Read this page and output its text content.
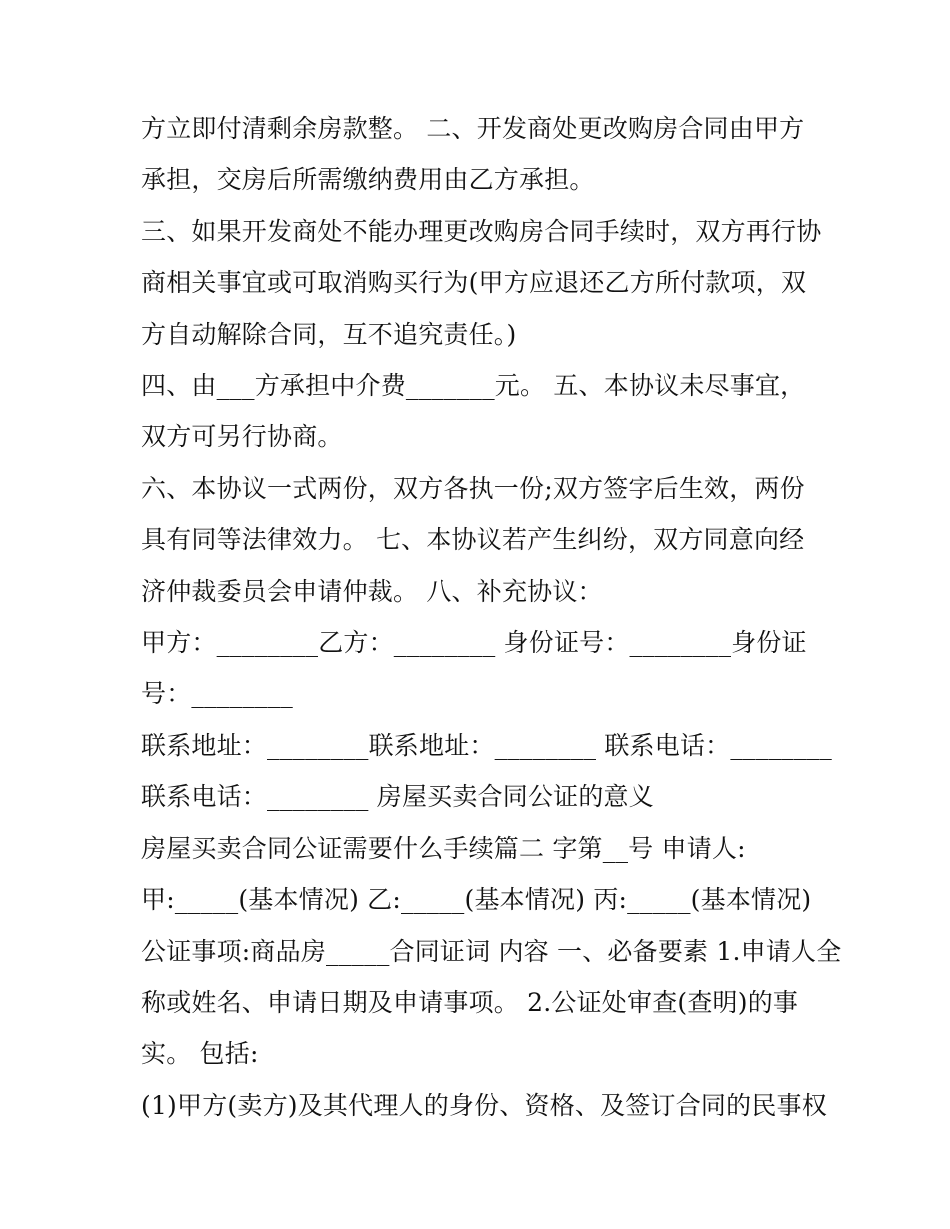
方立即付清剩余房款整。 二、开发商处更改购房合同由甲方
承担，交房后所需缴纳费用由乙方承担。
三、如果开发商处不能办理更改购房合同手续时，双方再行协
商相关事宜或可取消购买行为(甲方应退还乙方所付款项，双
方自动解除合同，互不追究责任。)
四、由___方承担中介费_______元。 五、本协议未尽事宜，
双方可另行协商。
六、本协议一式两份，双方各执一份;双方签字后生效，两份
具有同等法律效力。 七、本协议若产生纠纷，双方同意向经
济仲裁委员会申请仲裁。 八、补充协议：
甲方：________乙方：________ 身份证号：________身份证
号：________
联系地址：________联系地址：________ 联系电话：________
联系电话：________ 房屋买卖合同公证的意义
房屋买卖合同公证需要什么手续篇二 字第__号 申请人:
甲:_____(基本情况) 乙:_____(基本情况) 丙:_____(基本情况)
公证事项:商品房_____合同证词 内容 一、必备要素 1.申请人全
称或姓名、申请日期及申请事项。 2.公证处审查(查明)的事
实。 包括:
(1)甲方(卖方)及其代理人的身份、资格、及签订合同的民事权
